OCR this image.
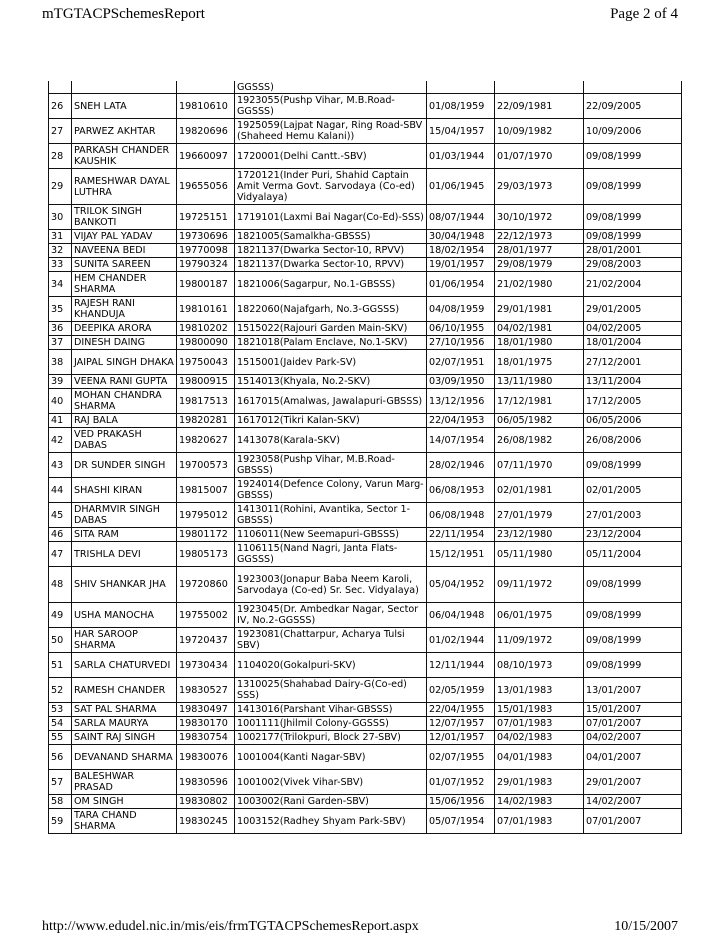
mTGTACPSchemesReport	Page 2 of 4
			GGSSS)			
26	SNEH LATA	19810610	1923055(Pushp Vihar, M.B.Road-GGSSS)	01/08/1959	22/09/1981	22/09/2005
27	PARWEZ AKHTAR	19820696	1925059(Lajpat Nagar, Ring Road-SBV (Shaheed Hemu Kalani))	15/04/1957	10/09/1982	10/09/2006
28	PARKASH CHANDER KAUSHIK	19660097	1720001(Delhi Cantt.-SBV)	01/03/1944	01/07/1970	09/08/1999
29	RAMESHWAR DAYAL LUTHRA	19655056	1720121(Inder Puri, Shahid Captain Amit Verma Govt. Sarvodaya (Co-ed) Vidyalaya)	01/06/1945	29/03/1973	09/08/1999
30	TRILOK SINGH BANKOTI	19725151	1719101(Laxmi Bai Nagar(Co-Ed)-SSS)	08/07/1944	30/10/1972	09/08/1999
31	VIJAY PAL YADAV	19730696	1821005(Samalkha-GBSSS)	30/04/1948	22/12/1973	09/08/1999
32	NAVEENA BEDI	19770098	1821137(Dwarka Sector-10, RPVV)	18/02/1954	28/01/1977	28/01/2001
33	SUNITA SAREEN	19790324	1821137(Dwarka Sector-10, RPVV)	19/01/1957	29/08/1979	29/08/2003
34	HEM CHANDER SHARMA	19800187	1821006(Sagarpur, No.1-GBSSS)	01/06/1954	21/02/1980	21/02/2004
35	RAJESH RANI KHANDUJA	19810161	1822060(Najafgarh, No.3-GGSSS)	04/08/1959	29/01/1981	29/01/2005
36	DEEPIKA ARORA	19810202	1515022(Rajouri Garden Main-SKV)	06/10/1955	04/02/1981	04/02/2005
37	DINESH DAING	19800090	1821018(Palam Enclave, No.1-SKV)	27/10/1956	18/01/1980	18/01/2004
38	JAIPAL SINGH DHAKA	19750043	1515001(Jaidev Park-SV)	02/07/1951	18/01/1975	27/12/2001
39	VEENA RANI GUPTA	19800915	1514013(Khyala, No.2-SKV)	03/09/1950	13/11/1980	13/11/2004
40	MOHAN CHANDRA SHARMA	19817513	1617015(Amalwas, Jawalapuri-GBSSS)	13/12/1956	17/12/1981	17/12/2005
41	RAJ BALA	19820281	1617012(Tikri Kalan-SKV)	22/04/1953	06/05/1982	06/05/2006
42	VED PRAKASH DABAS	19820627	1413078(Karala-SKV)	14/07/1954	26/08/1982	26/08/2006
43	DR SUNDER SINGH	19700573	1923058(Pushp Vihar, M.B.Road-GBSSS)	28/02/1946	07/11/1970	09/08/1999
44	SHASHI KIRAN	19815007	1924014(Defence Colony, Varun Marg-GBSSS)	06/08/1953	02/01/1981	02/01/2005
45	DHARMVIR SINGH DABAS	19795012	1413011(Rohini, Avantika, Sector 1-GBSSS)	06/08/1948	27/01/1979	27/01/2003
46	SITA RAM	19801172	1106011(New Seemapuri-GBSSS)	22/11/1954	23/12/1980	23/12/2004
47	TRISHLA DEVI	19805173	1106115(Nand Nagri, Janta Flats-GGSSS)	15/12/1951	05/11/1980	05/11/2004
48	SHIV SHANKAR JHA	19720860	1923003(Jonapur Baba Neem Karoli, Sarvodaya (Co-ed) Sr. Sec. Vidyalaya)	05/04/1952	09/11/1972	09/08/1999
49	USHA MANOCHA	19755002	1923045(Dr. Ambedkar Nagar, Sector IV, No.2-GGSSS)	06/04/1948	06/01/1975	09/08/1999
50	HAR SAROOP SHARMA	19720437	1923081(Chattarpur, Acharya Tulsi SBV)	01/02/1944	11/09/1972	09/08/1999
51	SARLA CHATURVEDI	19730434	1104020(Gokalpuri-SKV)	12/11/1944	08/10/1973	09/08/1999
52	RAMESH CHANDER	19830527	1310025(Shahabad Dairy-G(Co-ed) SSS)	02/05/1959	13/01/1983	13/01/2007
53	SAT PAL SHARMA	19830497	1413016(Parshant Vihar-GBSSS)	22/04/1955	15/01/1983	15/01/2007
54	SARLA MAURYA	19830170	1001111(Jhilmil Colony-GGSSS)	12/07/1957	07/01/1983	07/01/2007
55	SAINT RAJ SINGH	19830754	1002177(Trilokpuri, Block 27-SBV)	12/01/1957	04/02/1983	04/02/2007
56	DEVANAND SHARMA	19830076	1001004(Kanti Nagar-SBV)	02/07/1955	04/01/1983	04/01/2007
57	BALESHWAR PRASAD	19830596	1001002(Vivek Vihar-SBV)	01/07/1952	29/01/1983	29/01/2007
58	OM SINGH	19830802	1003002(Rani Garden-SBV)	15/06/1956	14/02/1983	14/02/2007
59	TARA CHAND SHARMA	19830245	1003152(Radhey Shyam Park-SBV)	05/07/1954	07/01/1983	07/01/2007
http://www.edudel.nic.in/mis/eis/frmTGTACPSchemesReport.aspx	10/15/2007
